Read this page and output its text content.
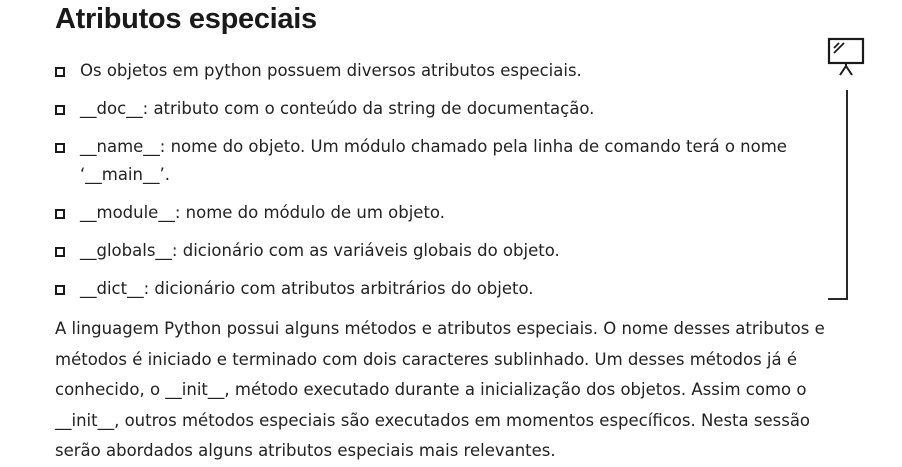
Atributos especiais
Os objetos em python possuem diversos atributos especiais.
__doc__: atributo com o conteúdo da string de documentação.
__name__: nome do objeto. Um módulo chamado pela linha de comando terá o nome ‘__main__’.
__module__: nome do módulo de um objeto.
__globals__: dicionário com as variáveis globais do objeto.
__dict__: dicionário com atributos arbitrários do objeto.

A linguagem Python possui alguns métodos e atributos especiais. O nome desses atributos e métodos é iniciado e terminado com dois caracteres sublinhado. Um desses métodos já é conhecido, o __init__, método executado durante a inicialização dos objetos. Assim como o __init__, outros métodos especiais são executados em momentos específicos. Nesta sessão serão abordados alguns atributos especiais mais relevantes.
